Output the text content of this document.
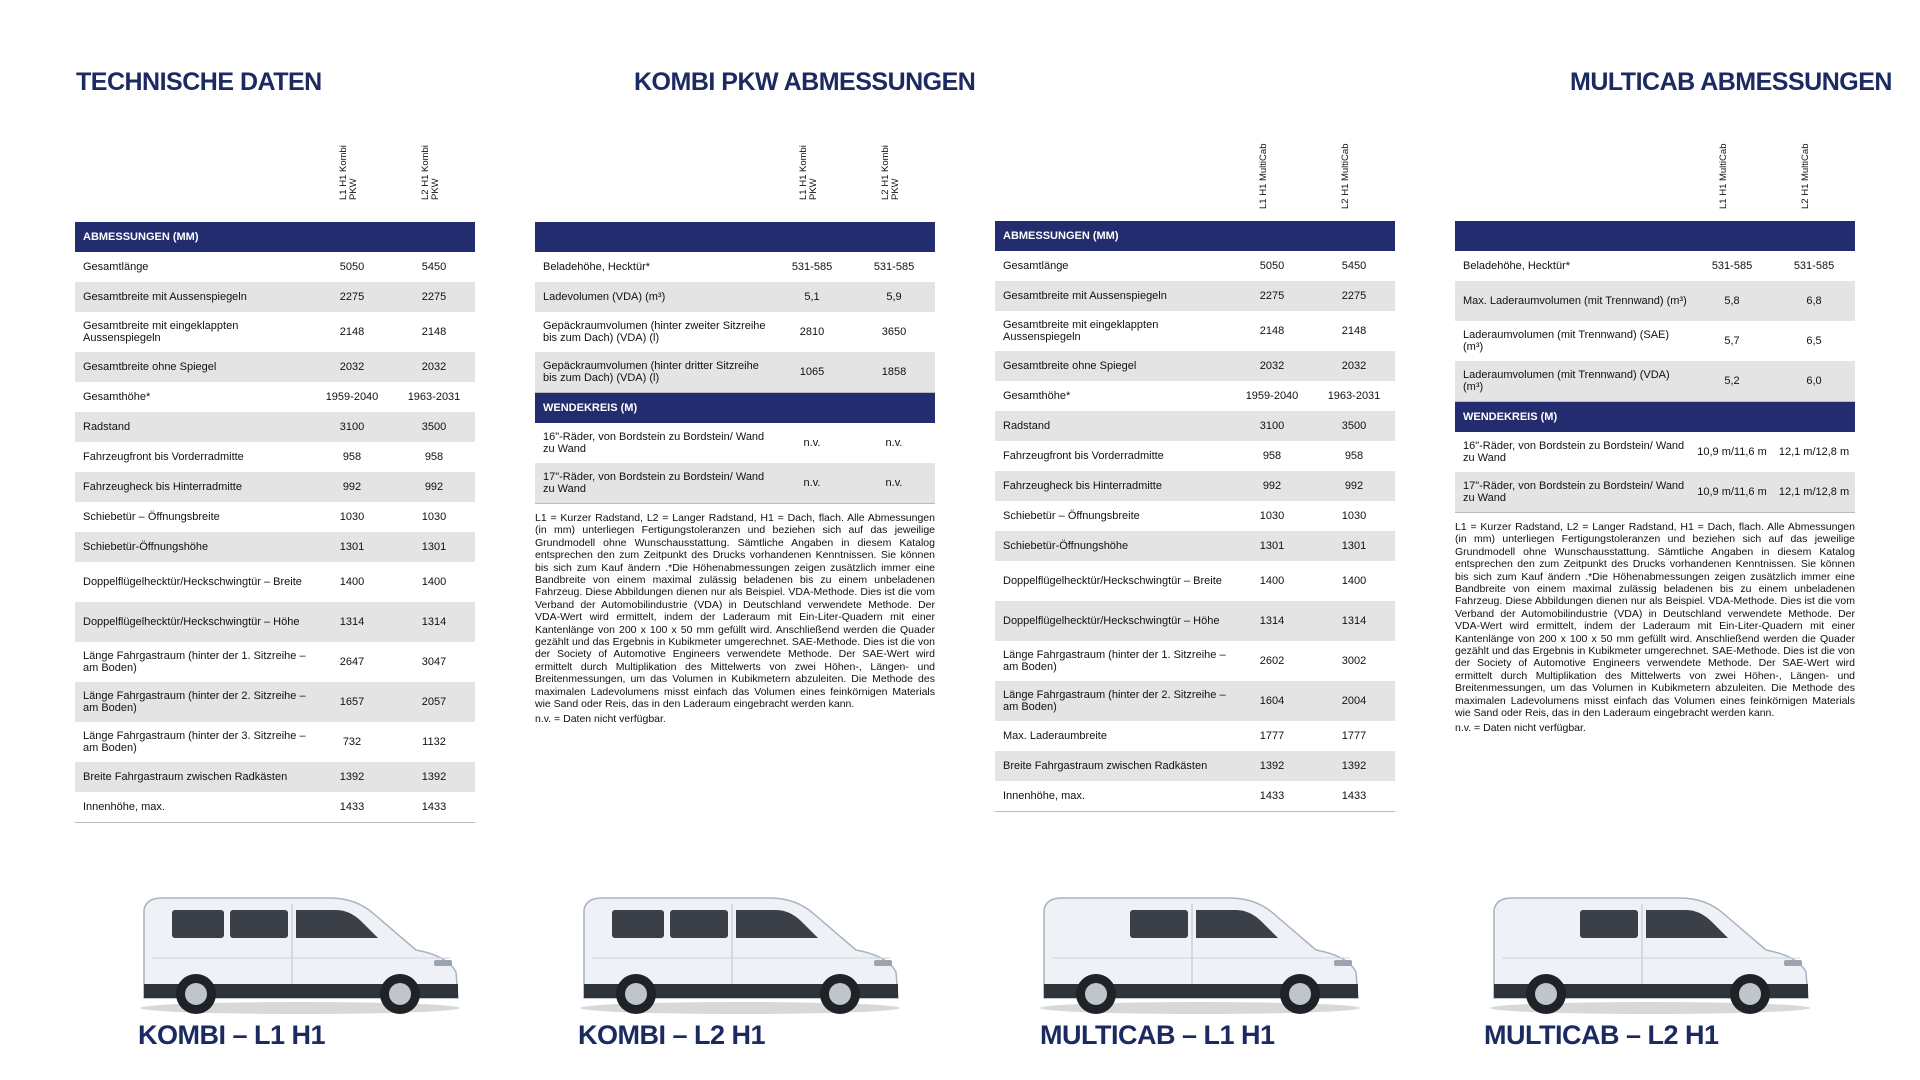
TECHNISCHE DATEN	KOMBI PKW ABMESSUNGEN	MULTICAB ABMESSUNGEN
L1 H1 Kombi PKW	L2 H1 Kombi PKW
ABMESSUNGEN (MM)
Gesamtlänge	5050	5450
Gesamtbreite mit Aussenspiegeln	2275	2275
Gesamtbreite mit eingeklappten Aussenspiegeln	2148	2148
Gesamtbreite ohne Spiegel	2032	2032
Gesamthöhe*	1959-2040	1963-2031
Radstand	3100	3500
Fahrzeugfront bis Vorderradmitte	958	958
Fahrzeugheck bis Hinterradmitte	992	992
Schiebetür – Öffnungsbreite	1030	1030
Schiebetür-Öffnungshöhe	1301	1301
Doppelflügelhecktür/Heckschwingtür – Breite	1400	1400
Doppelflügelhecktür/Heckschwingtür – Höhe	1314	1314
Länge Fahrgastraum (hinter der 1. Sitzreihe – am Boden)	2647	3047
Länge Fahrgastraum (hinter der 2. Sitzreihe – am Boden)	1657	2057
Länge Fahrgastraum (hinter der 3. Sitzreihe – am Boden)	732	1132
Breite Fahrgastraum zwischen Radkästen	1392	1392
Innenhöhe, max.	1433	1433
L1 H1 Kombi PKW	L2 H1 Kombi PKW
Beladehöhe, Hecktür*	531-585	531-585
Ladevolumen (VDA) (m³)	5,1	5,9
Gepäckraumvolumen (hinter zweiter Sitzreihe bis zum Dach) (VDA) (l)	2810	3650
Gepäckraumvolumen (hinter dritter Sitzreihe bis zum Dach) (VDA) (l)	1065	1858
WENDEKREIS (M)
16"-Räder, von Bordstein zu Bordstein/ Wand zu Wand	n.v.	n.v.
17"-Räder, von Bordstein zu Bordstein/ Wand zu Wand	n.v.	n.v.
L1 = Kurzer Radstand, L2 = Langer Radstand, H1 = Dach, flach. Alle Abmessungen (in mm) unterliegen Fertigungstoleranzen und beziehen sich auf das jeweilige Grundmodell ohne Wunschausstattung. Sämtliche Angaben in diesem Katalog entsprechen den zum Zeitpunkt des Drucks vorhandenen Kenntnissen. Sie können bis sich zum Kauf ändern .*Die Höhenabmessungen zeigen zusätzlich immer eine Bandbreite von einem maximal zulässig beladenen bis zu einem unbeladenen Fahrzeug. Diese Abbildungen dienen nur als Beispiel. VDA-Methode. Dies ist die vom Verband der Automobilindustrie (VDA) in Deutschland verwendete Methode. Der VDA-Wert wird ermittelt, indem der Laderaum mit Ein-Liter-Quadern mit einer Kantenlänge von 200 x 100 x 50 mm gefüllt wird. Anschließend werden die Quader gezählt und das Ergebnis in Kubikmeter umgerechnet. SAE-Methode. Dies ist die von der Society of Automotive Engineers verwendete Methode. Der SAE-Wert wird ermittelt durch Multiplikation des Mittelwerts von zwei Höhen-, Längen- und Breitenmessungen, um das Volumen in Kubikmetern abzuleiten. Die Methode des maximalen Ladevolumens misst einfach das Volumen eines feinkörnigen Materials wie Sand oder Reis, das in den Laderaum eingebracht werden kann.
n.v. = Daten nicht verfügbar.
L1 H1 MultiCab	L2 H1 MultiCab
ABMESSUNGEN (MM)
Gesamtlänge	5050	5450
Gesamtbreite mit Aussenspiegeln	2275	2275
Gesamtbreite mit eingeklappten Aussenspiegeln	2148	2148
Gesamtbreite ohne Spiegel	2032	2032
Gesamthöhe*	1959-2040	1963-2031
Radstand	3100	3500
Fahrzeugfront bis Vorderradmitte	958	958
Fahrzeugheck bis Hinterradmitte	992	992
Schiebetür – Öffnungsbreite	1030	1030
Schiebetür-Öffnungshöhe	1301	1301
Doppelflügelhecktür/Heckschwingtür – Breite	1400	1400
Doppelflügelhecktür/Heckschwingtür – Höhe	1314	1314
Länge Fahrgastraum (hinter der 1. Sitzreihe – am Boden)	2602	3002
Länge Fahrgastraum (hinter der 2. Sitzreihe – am Boden)	1604	2004
Max. Laderaumbreite	1777	1777
Breite Fahrgastraum zwischen Radkästen	1392	1392
Innenhöhe, max.	1433	1433
L1 H1 MultiCab	L2 H1 MultiCab
Beladehöhe, Hecktür*	531-585	531-585
Max. Laderaumvolumen (mit Trennwand) (m³)	5,8	6,8
Laderaumvolumen (mit Trennwand) (SAE) (m³)	5,7	6,5
Laderaumvolumen (mit Trennwand) (VDA) (m³)	5,2	6,0
WENDEKREIS (M)
16"-Räder, von Bordstein zu Bordstein/ Wand zu Wand	10,9 m/11,6 m	12,1 m/12,8 m
17"-Räder, von Bordstein zu Bordstein/ Wand zu Wand	10,9 m/11,6 m	12,1 m/12,8 m
L1 = Kurzer Radstand, L2 = Langer Radstand, H1 = Dach, flach. Alle Abmessungen (in mm) unterliegen Fertigungstoleranzen und beziehen sich auf das jeweilige Grundmodell ohne Wunschausstattung. Sämtliche Angaben in diesem Katalog entsprechen den zum Zeitpunkt des Drucks vorhandenen Kenntnissen. Sie können bis sich zum Kauf ändern .*Die Höhenabmessungen zeigen zusätzlich immer eine Bandbreite von einem maximal zulässig beladenen bis zu einem unbeladenen Fahrzeug. Diese Abbildungen dienen nur als Beispiel. VDA-Methode. Dies ist die vom Verband der Automobilindustrie (VDA) in Deutschland verwendete Methode. Der VDA-Wert wird ermittelt, indem der Laderaum mit Ein-Liter-Quadern mit einer Kantenlänge von 200 x 100 x 50 mm gefüllt wird. Anschließend werden die Quader gezählt und das Ergebnis in Kubikmeter umgerechnet. SAE-Methode. Dies ist die von der Society of Automotive Engineers verwendete Methode. Der SAE-Wert wird ermittelt durch Multiplikation des Mittelwerts von zwei Höhen-, Längen- und Breitenmessungen, um das Volumen in Kubikmetern abzuleiten. Die Methode des maximalen Ladevolumens misst einfach das Volumen eines feinkörnigen Materials wie Sand oder Reis, das in den Laderaum eingebracht werden kann.
n.v. = Daten nicht verfügbar.
KOMBI – L1 H1	KOMBI – L2 H1	MULTICAB – L1 H1	MULTICAB – L2 H1
